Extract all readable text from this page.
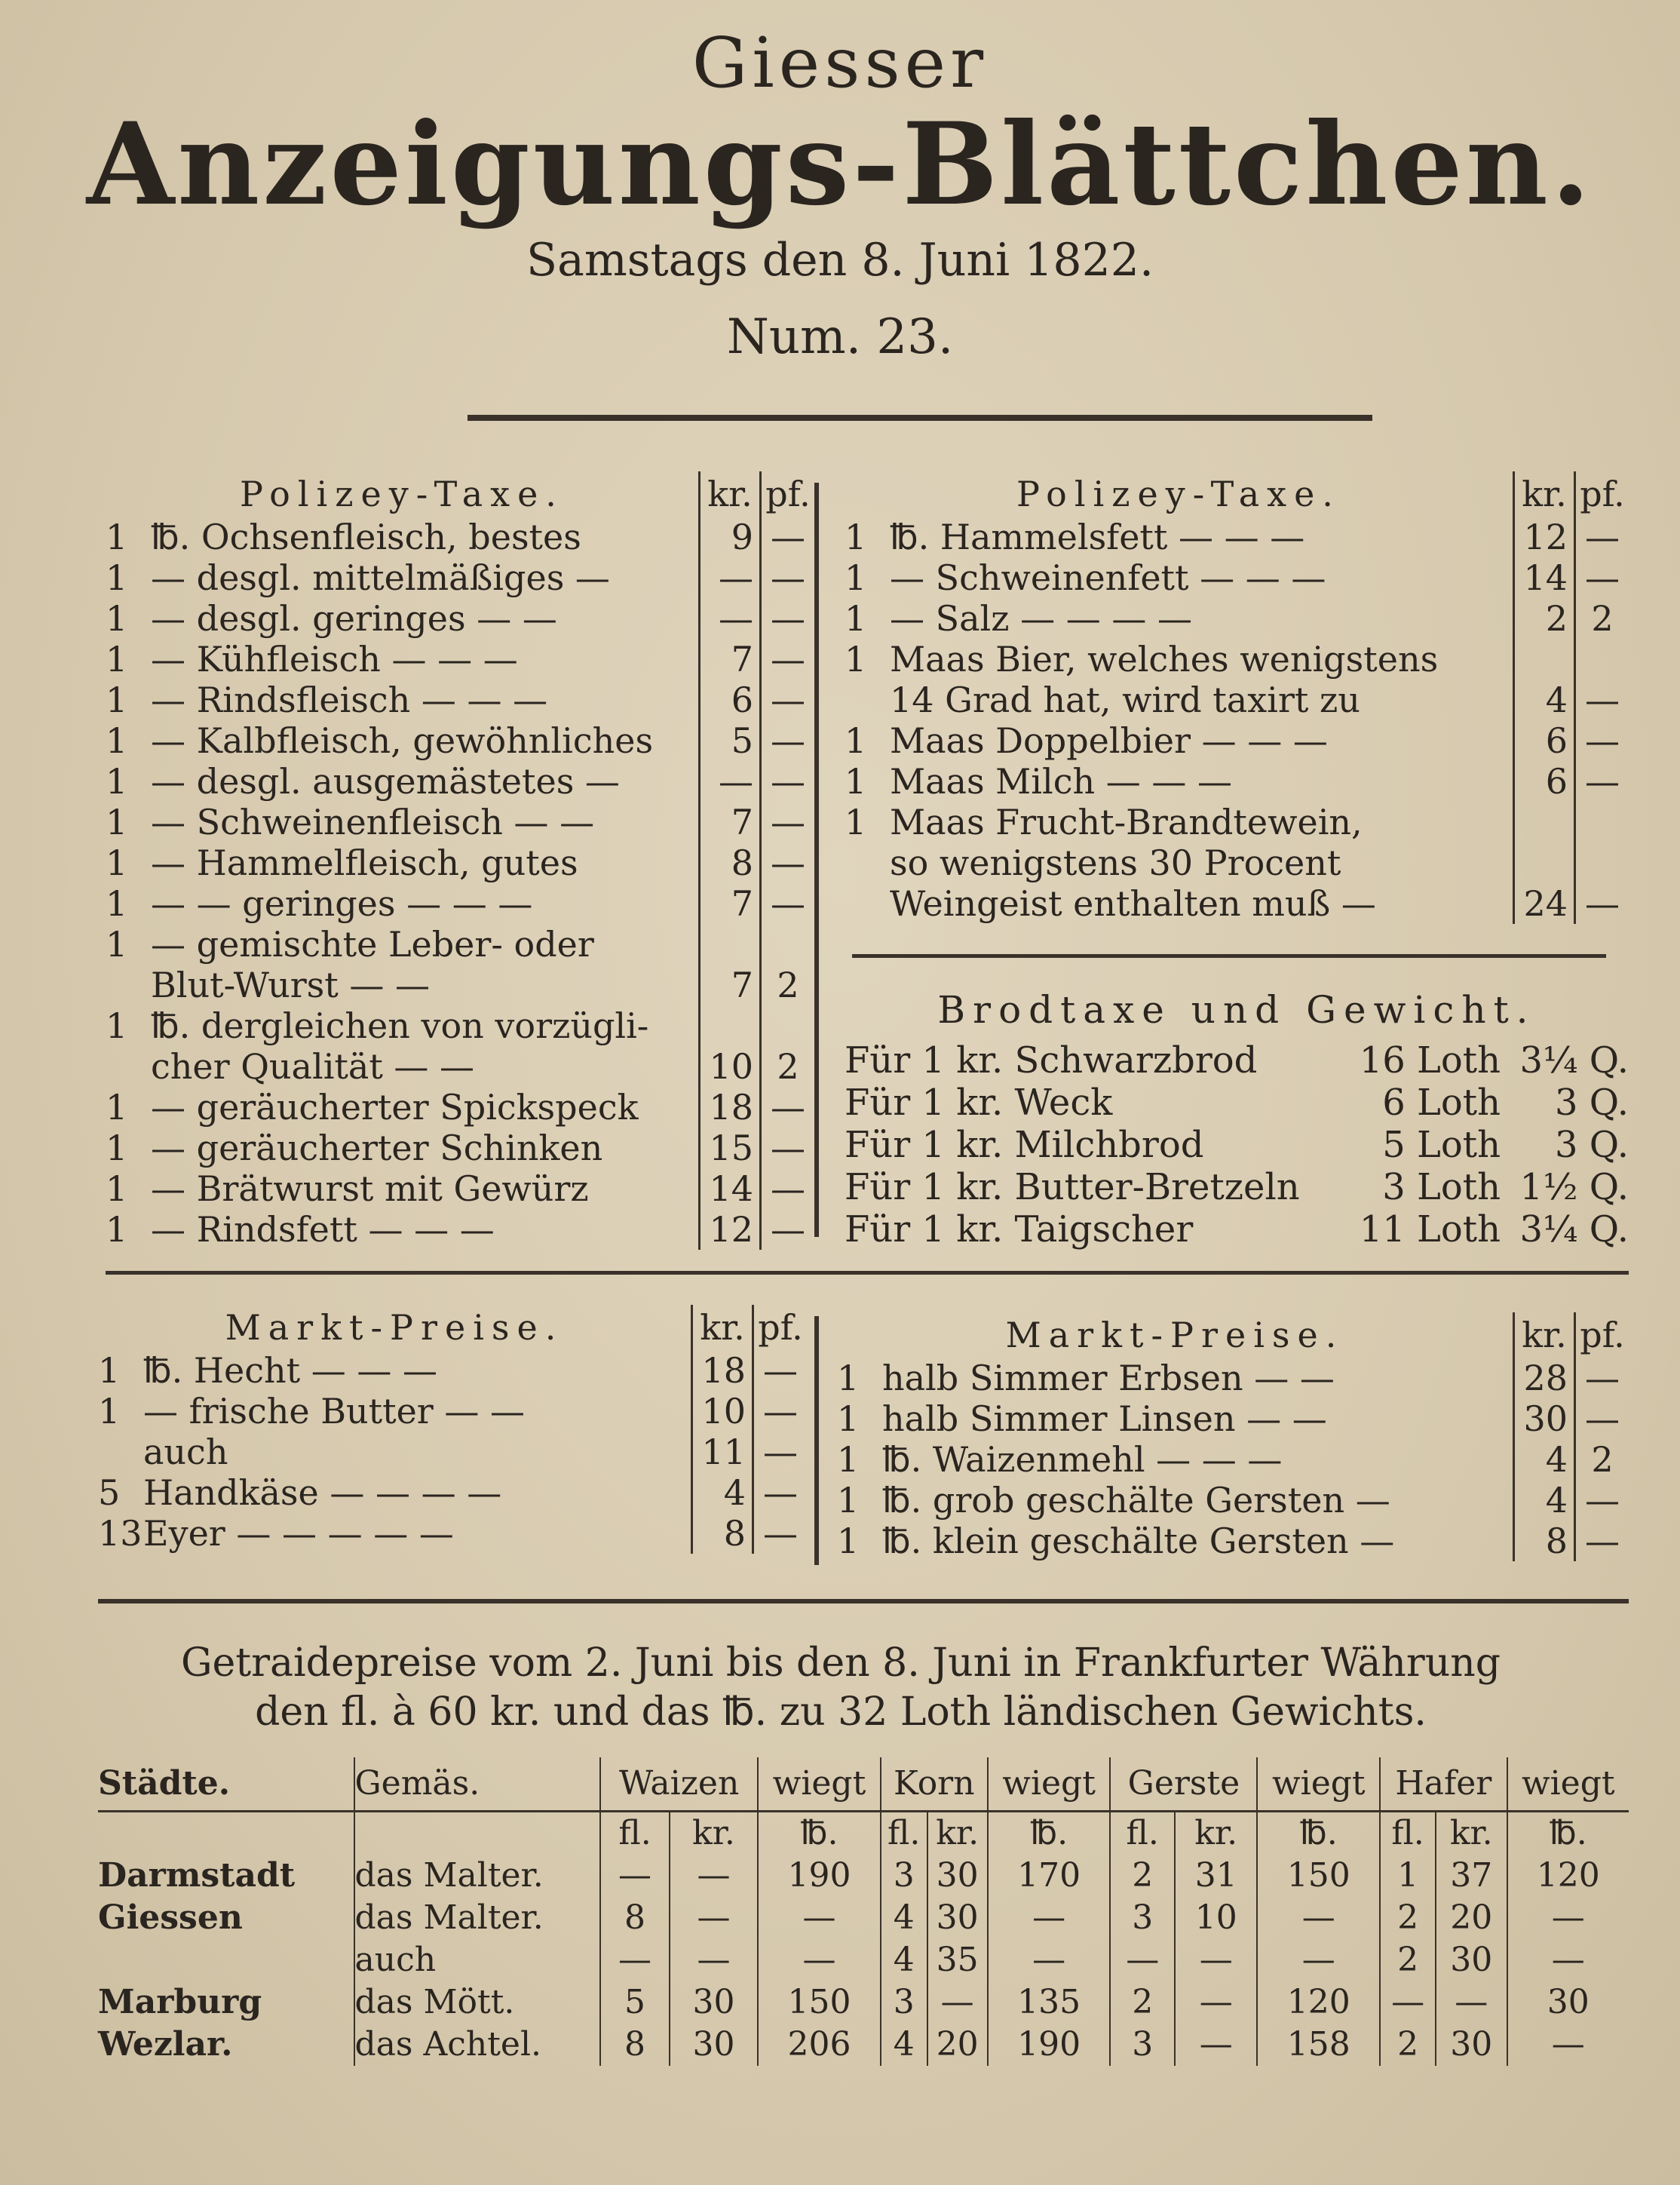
Giesser
Anzeigungs-Blättchen.
Samstags den 8. Juni 1822.
Num. 23.
Polizey-Taxe.		kr.	pf.
1	℔. Ochsenfleisch, bestes	9	—
1	— desgl. mittelmäßiges —	—	—
1	— desgl. geringes — —	—	—
1	— Kühfleisch — — —	7	—
1	— Rindsfleisch — — —	6	—
1	— Kalbfleisch, gewöhnliches	5	—
1	— desgl. ausgemästetes —	—	—
1	— Schweinenfleisch — —	7	—
1	— Hammelfleisch, gutes	8	—
1	— — geringes — — —	7	—
1	— gemischte Leber- oder		
	Blut-Wurst — —	7	2
1	℔. dergleichen von vorzügli-		
	cher Qualität — —	10	2
1	— geräucherter Spickspeck	18	—
1	— geräucherter Schinken	15	—
1	— Brätwurst mit Gewürz	14	—
1	— Rindsfett — — —	12	—
Polizey-Taxe.		kr.	pf.
1	℔. Hammelsfett — — —	12	—
1	— Schweinenfett — — —	14	—
1	— Salz — — — —	2	2
1	Maas Bier, welches wenigstens		
	14 Grad hat, wird taxirt zu	4	—
1	Maas Doppelbier — — —	6	—
1	Maas Milch — — —	6	—
1	Maas Frucht-Brandtewein,		
	so wenigstens 30 Procent		
	Weingeist enthalten muß —	24	—
Brodtaxe und Gewicht.
Für 1 kr. Schwarzbrod	16 Loth	3¼ Q.
Für 1 kr. Weck	6 Loth	3 Q.
Für 1 kr. Milchbrod	5 Loth	3 Q.
Für 1 kr. Butter-Bretzeln	3 Loth	1½ Q.
Für 1 kr. Taigscher	11 Loth	3¼ Q.
Markt-Preise.		kr.	pf.
1	℔. Hecht — — —	18	—
1	— frische Butter — —	10	—
	auch	11	—
5	Handkäse — — — —	4	—
13	Eyer — — — — —	8	—
Markt-Preise.		kr.	pf.
1	halb Simmer Erbsen — —	28	—
1	halb Simmer Linsen — —	30	—
1	℔. Waizenmehl — — —	4	2
1	℔. grob geschälte Gersten —	4	—
1	℔. klein geschälte Gersten —	8	—
Getraidepreise vom 2. Juni bis den 8. Juni in Frankfurter Währung
den fl. à 60 kr. und das ℔. zu 32 Loth ländischen Gewichts.
Städte.	Gemäs.	Waizen		wiegt	Korn		wiegt	Gerste		wiegt	Hafer		wiegt
		fl.	kr.	℔.	fl.	kr.	℔.	fl.	kr.	℔.	fl.	kr.	℔.
Darmstadt	das Malter.	—	—	190	3	30	170	2	31	150	1	37	120
Giessen	das Malter.	8	—	—	4	30	—	3	10	—	2	20	—
	auch	—	—	—	4	35	—	—	—	—	2	30	—
Marburg	das Mött.	5	30	150	3	—	135	2	—	120	—	—	30
Wezlar.	das Achtel.	8	30	206	4	20	190	3	—	158	2	30	—
